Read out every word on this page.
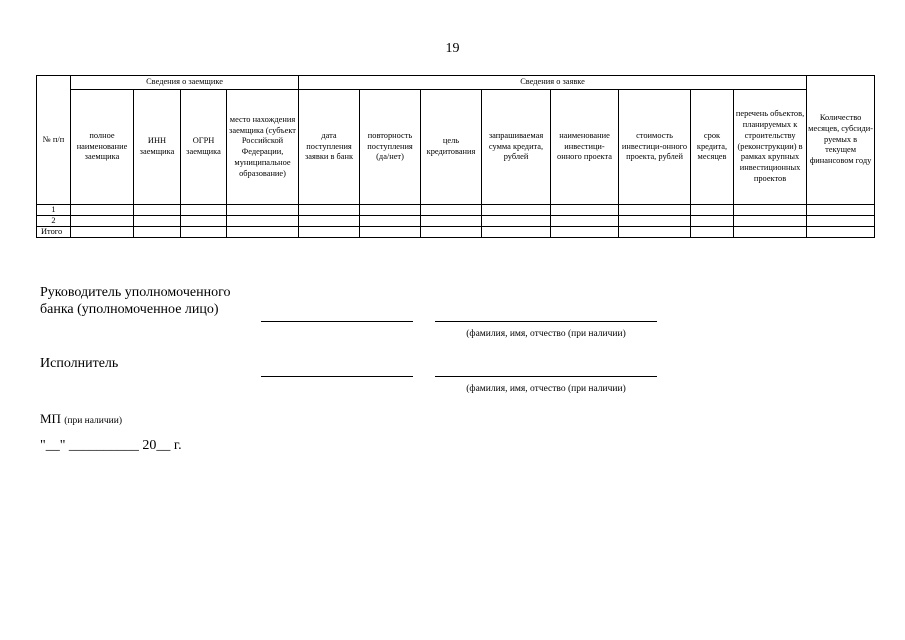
19
№ п/п	Сведения о заемщике				Сведения о заявке								Количество месяцев, субсиди-руемых в текущем финансовом году
	полное наименование заемщика	ИНН заемщика	ОГРН заемщика	место нахождения заемщика (субъект Российской Федерации, муниципальное образование)	дата поступления заявки в банк	повторность поступления (да/нет)	цель кредитования	запрашиваемая сумма кредита, рублей	наименование инвестици-онного проекта	стоимость инвестици-онного проекта, рублей	срок кредита, месяцев	перечень объектов, планируемых к строительству (реконструкции) в рамках крупных инвестиционных проектов	
1													
2													
Итого													
Руководитель уполномоченного
банка (уполномоченное лицо)
(фамилия, имя, отчество (при наличии)
Исполнитель
(фамилия, имя, отчество (при наличии)
МП (при наличии)
"__" __________ 20__ г.
